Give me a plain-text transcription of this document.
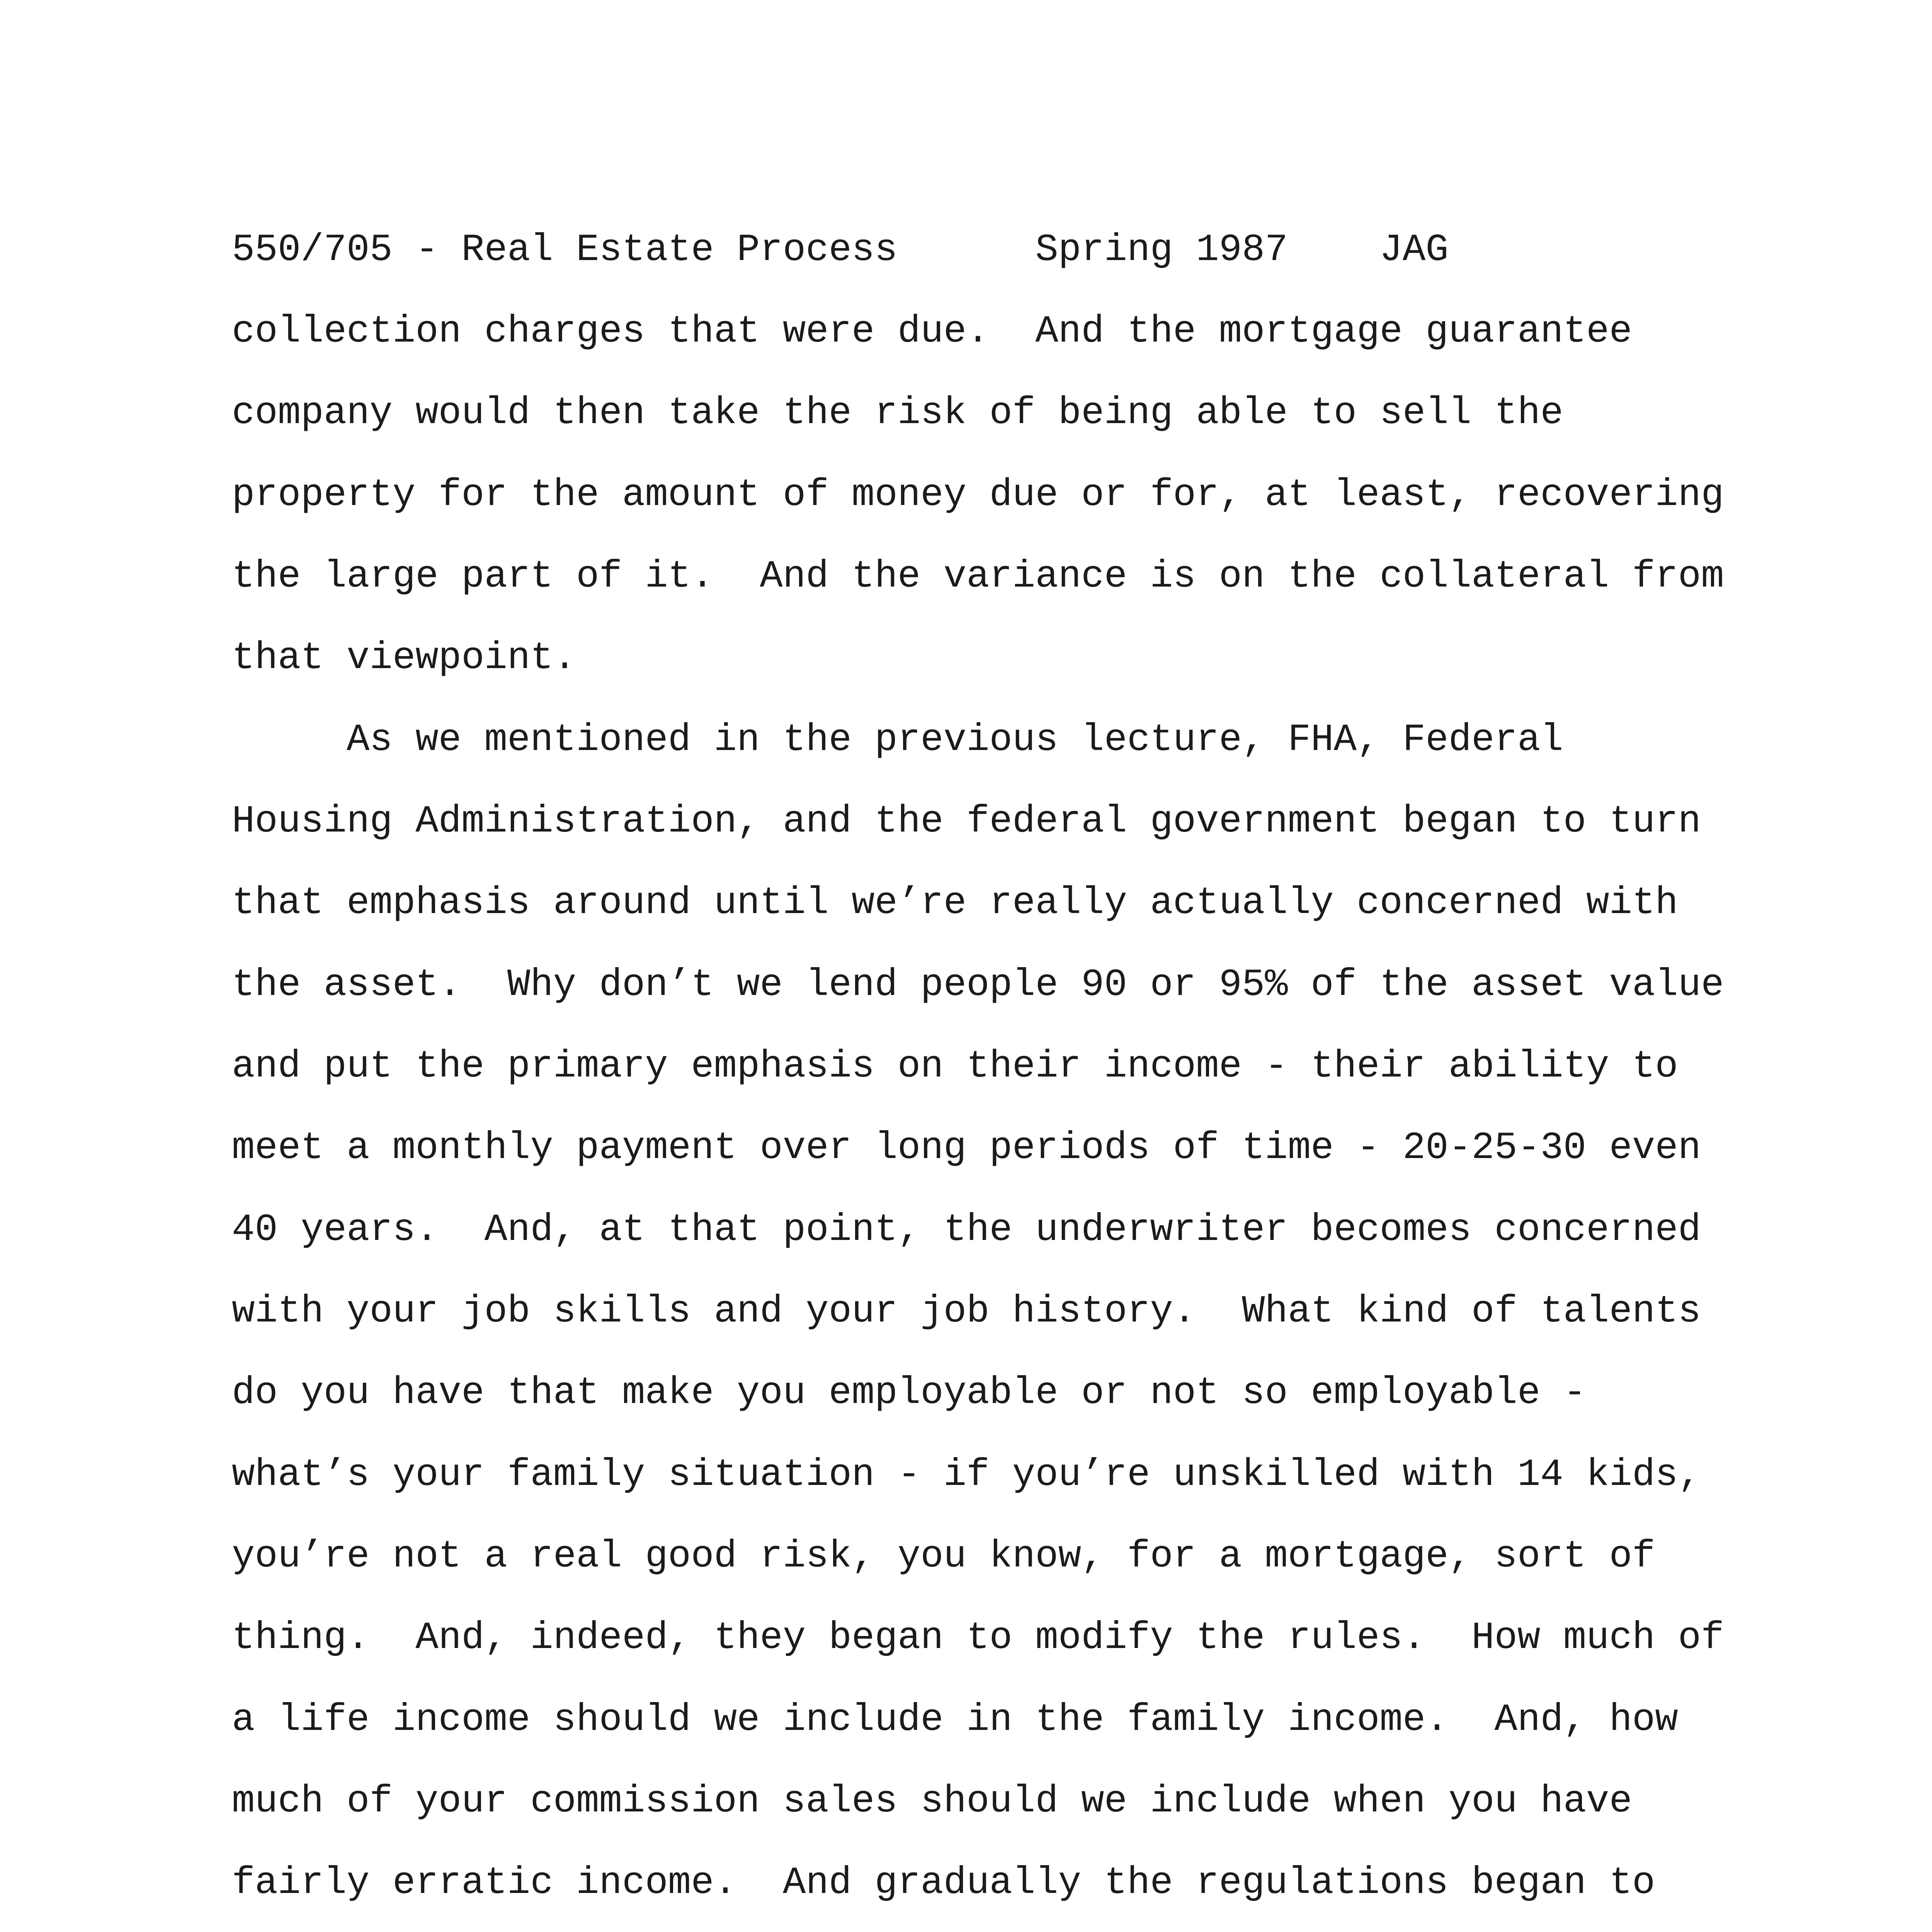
550/705 - Real Estate Process	Spring 1987 JAG

collection charges that were due.  And the mortgage guarantee

company would then take the risk of being able to sell the

property for the amount of money due or for, at least, recovering

the large part of it.  And the variance is on the collateral from

that viewpoint.

As we mentioned in the previous lecture, FHA, Federal

Housing Administration, and the federal government began to turn

that emphasis around until we’re really actually concerned with

the asset.  Why don’t we lend people 90 or 95% of the asset value

and put the primary emphasis on their income - their ability to

meet a monthly payment over long periods of time - 20-25-30 even

40 years.  And, at that point, the underwriter becomes concerned

with your job skills and your job history.  What kind of talents

do you have that make you employable or not so employable -

what’s your family situation - if you’re unskilled with 14 kids,

you’re not a real good risk, you know, for a mortgage, sort of

thing.  And, indeed, they began to modify the rules.  How much of

a life income should we include in the family income.  And, how

much of your commission sales should we include when you have

fairly erratic income.  And gradually the regulations began to
